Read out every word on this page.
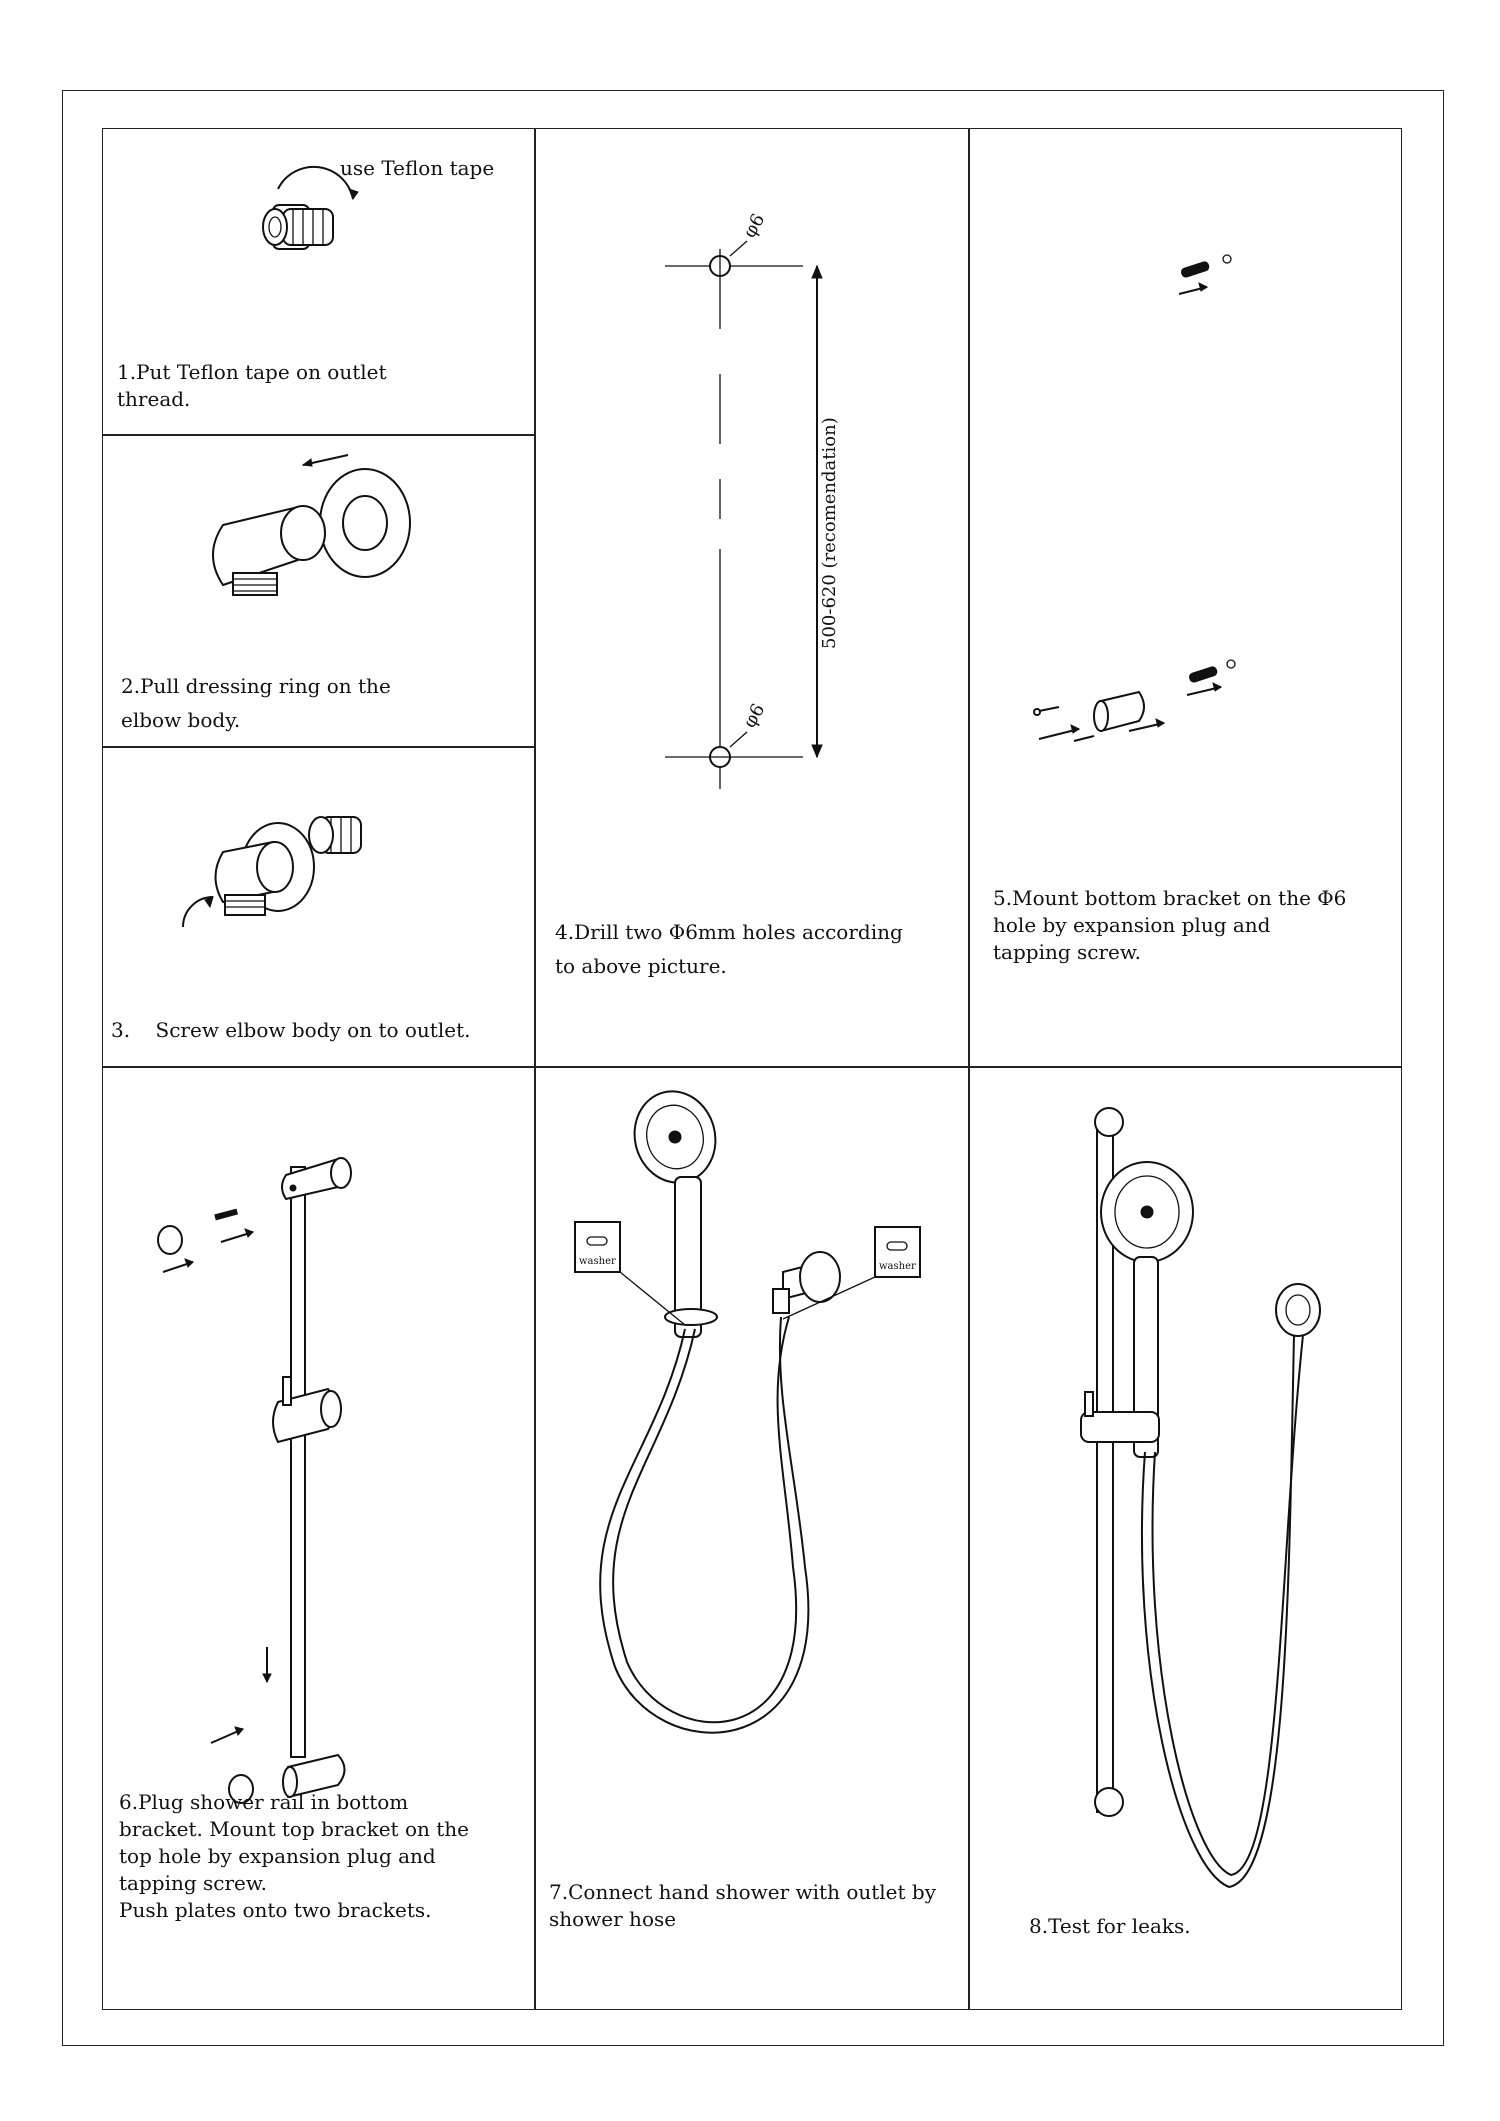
use Teflon tape
1.Put Teflon tape on outlet
thread.
2.Pull dressing ring on the
elbow body.
3. Screw elbow body on to outlet.
φ6
φ6
500-620 (recomendation)
4.Drill two Φ6mm holes according
to above picture.
5.Mount bottom bracket on the Φ6
hole by expansion plug and
tapping screw.
6.Plug shower rail in bottom
bracket. Mount top bracket on the
top hole by expansion plug and
tapping screw.
Push plates onto two brackets.
washer	washer
7.Connect hand shower with outlet by
shower hose	8.Test for leaks.
